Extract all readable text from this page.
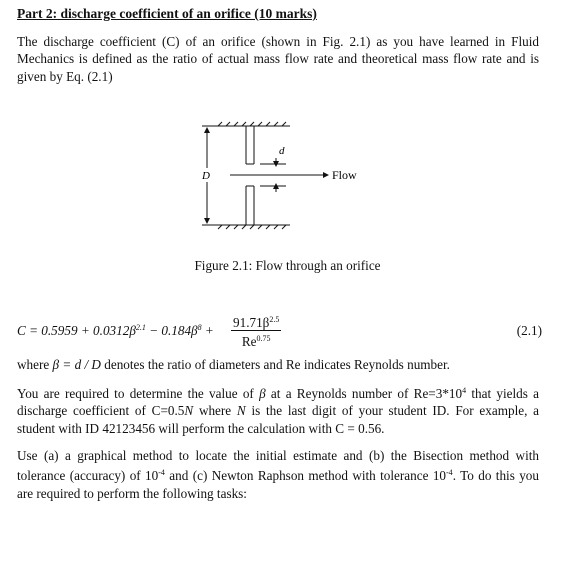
Part 2: discharge coefficient of an orifice (10 marks)
The discharge coefficient (C) of an orifice (shown in Fig. 2.1) as you have learned in Fluid Mechanics is defined as the ratio of actual mass flow rate and theoretical mass flow rate and is given by Eq. (2.1)
D
d
Flow
Figure 2.1: Flow through an orifice
$C = 0.5959 + 0.0312\beta^{2.1} - 0.184\beta^8 + \frac{91.71\beta^{2.5}}{Re^{0.75}}$	(2.1)
where β = d / D denotes the ratio of diameters and Re indicates Reynolds number.
You are required to determine the value of β at a Reynolds number of $Re=3*10^4$ that yields a discharge coefficient of C=0.5N where N is the last digit of your student ID. For example, a student with ID 42123456 will perform the calculation with C = 0.56.
Use (a) a graphical method to locate the initial estimate and (b) the Bisection method with tolerance (accuracy) of $10^{-4}$ and (c) Newton Raphson method with tolerance $10^{-4}$. To do this you are required to perform the following tasks:
